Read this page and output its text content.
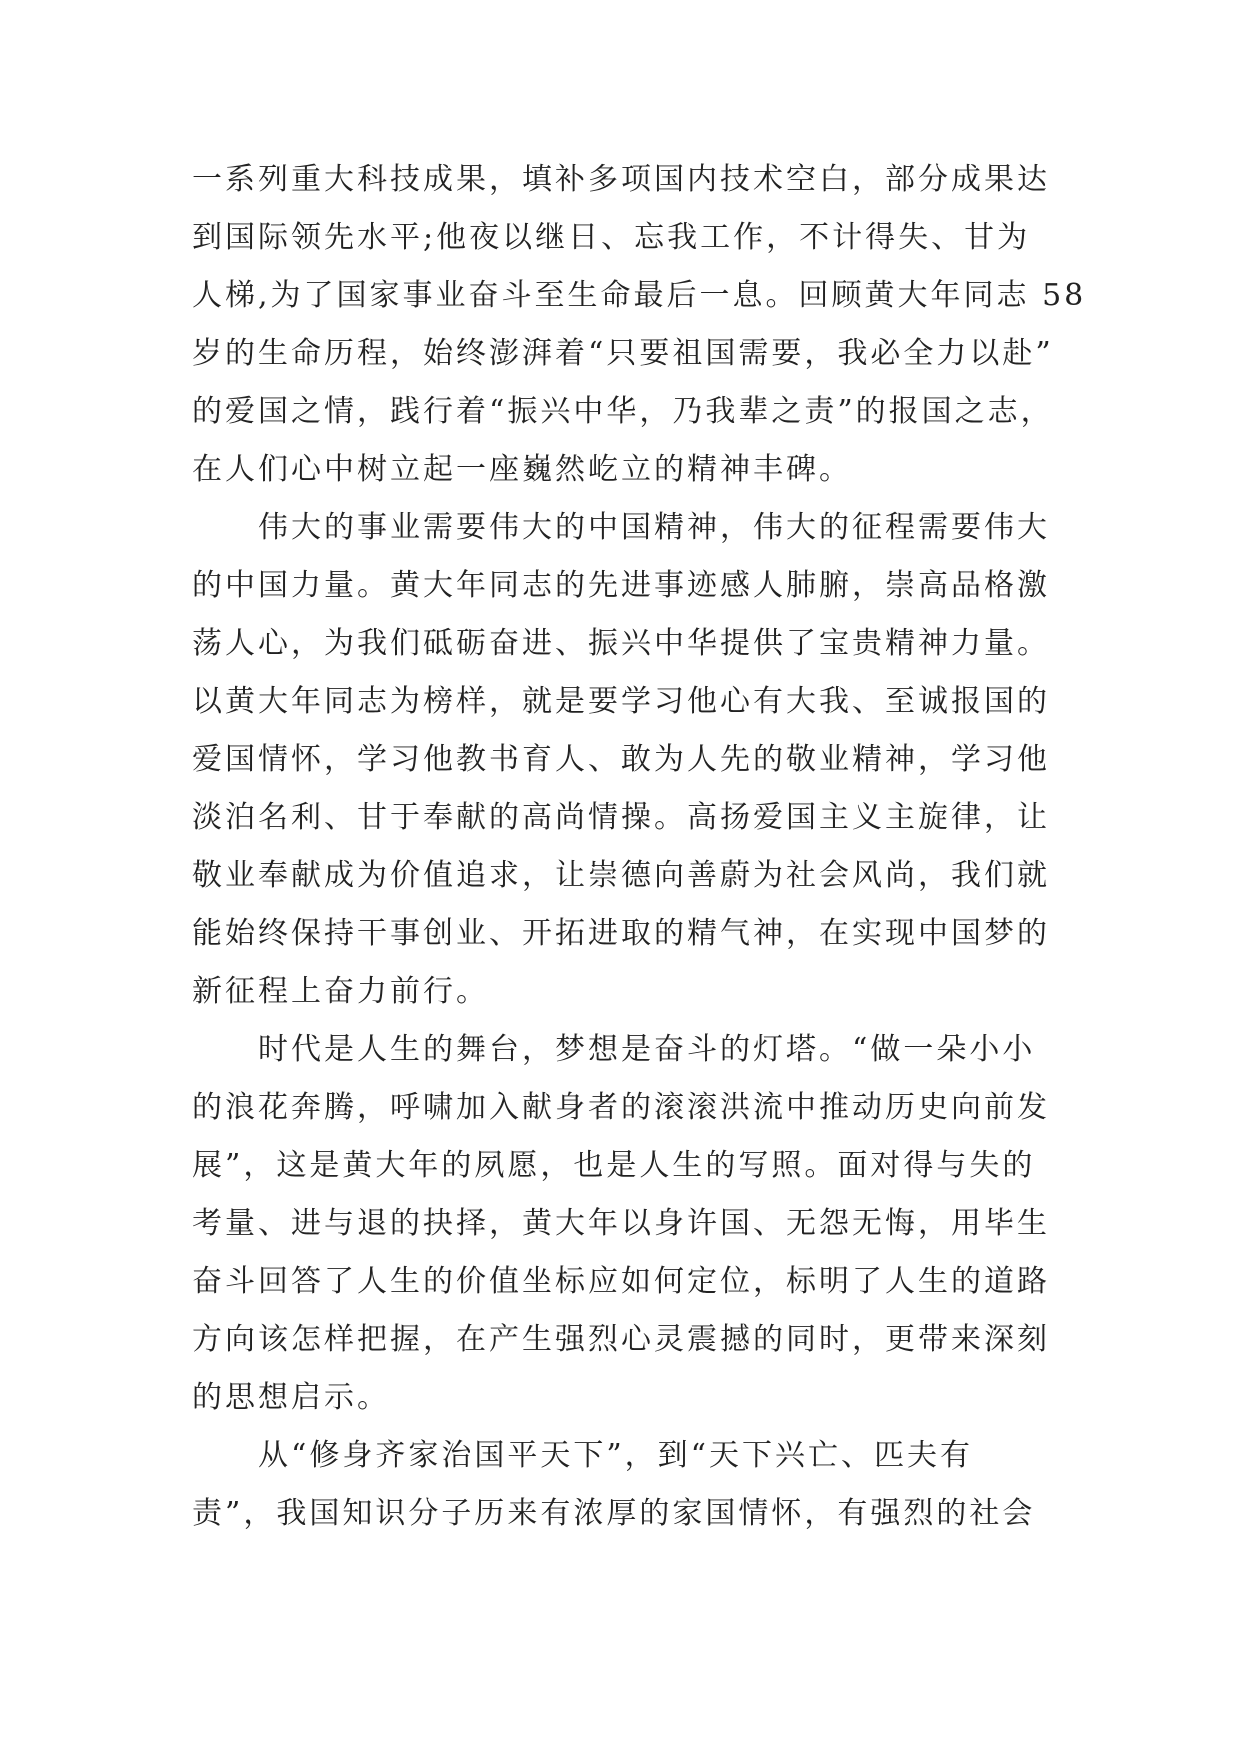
一系列重大科技成果，填补多项国内技术空白，部分成果达
到国际领先水平;他夜以继日、忘我工作，不计得失、甘为
人梯,为了国家事业奋斗至生命最后一息。回顾黄大年同志 58
岁的生命历程，始终澎湃着“只要祖国需要，我必全力以赴”
的爱国之情，践行着“振兴中华，乃我辈之责”的报国之志，
在人们心中树立起一座巍然屹立的精神丰碑。
伟大的事业需要伟大的中国精神，伟大的征程需要伟大
的中国力量。黄大年同志的先进事迹感人肺腑，崇高品格激
荡人心，为我们砥砺奋进、振兴中华提供了宝贵精神力量。
以黄大年同志为榜样，就是要学习他心有大我、至诚报国的
爱国情怀，学习他教书育人、敢为人先的敬业精神，学习他
淡泊名利、甘于奉献的高尚情操。高扬爱国主义主旋律，让
敬业奉献成为价值追求，让崇德向善蔚为社会风尚，我们就
能始终保持干事创业、开拓进取的精气神，在实现中国梦的
新征程上奋力前行。
时代是人生的舞台，梦想是奋斗的灯塔。“做一朵小小
的浪花奔腾，呼啸加入献身者的滚滚洪流中推动历史向前发
展”，这是黄大年的夙愿，也是人生的写照。面对得与失的
考量、进与退的抉择，黄大年以身许国、无怨无悔，用毕生
奋斗回答了人生的价值坐标应如何定位，标明了人生的道路
方向该怎样把握，在产生强烈心灵震撼的同时，更带来深刻
的思想启示。
从“修身齐家治国平天下”，到“天下兴亡、匹夫有
责”，我国知识分子历来有浓厚的家国情怀，有强烈的社会
